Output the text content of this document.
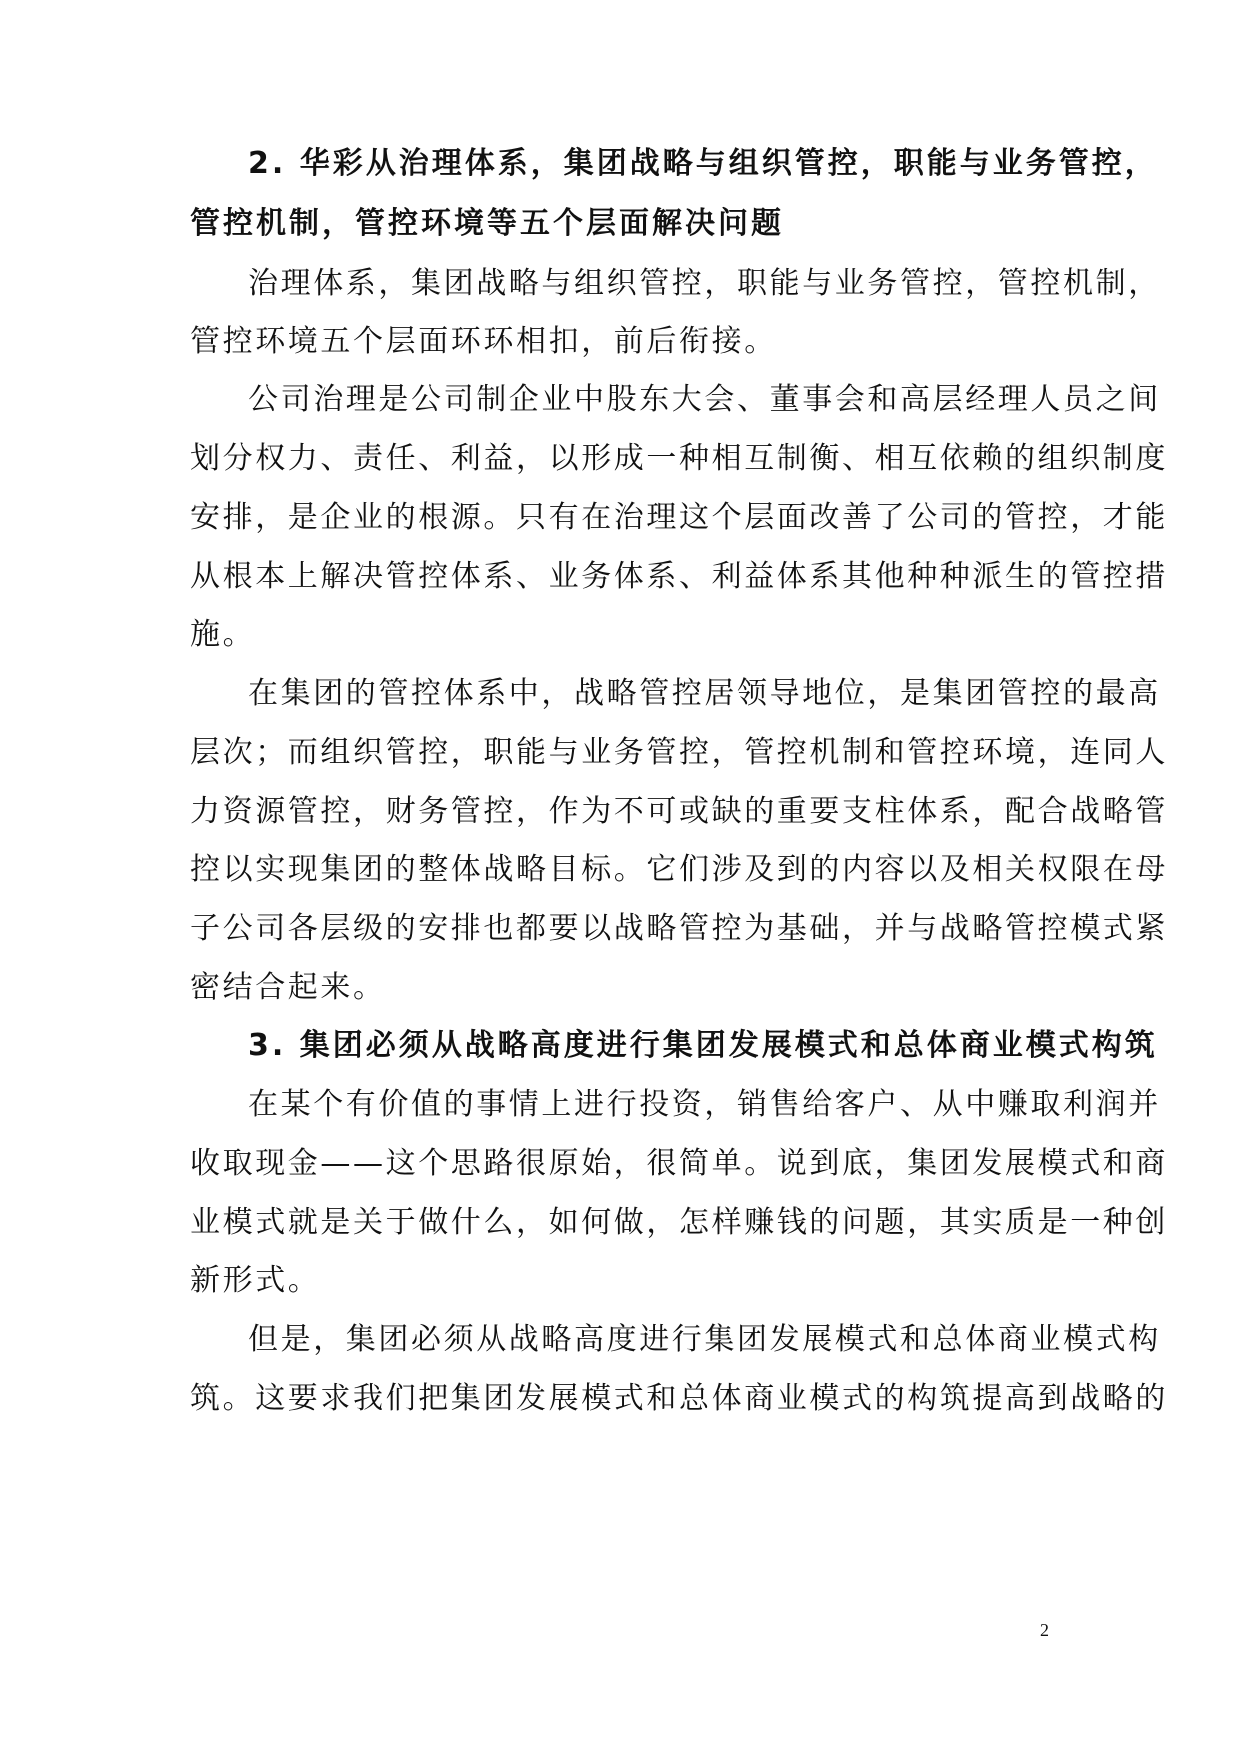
2. 华彩从治理体系，集团战略与组织管控，职能与业务管控，
管控机制，管控环境等五个层面解决问题
治理体系，集团战略与组织管控，职能与业务管控，管控机制，
管控环境五个层面环环相扣，前后衔接。
公司治理是公司制企业中股东大会、董事会和高层经理人员之间
划分权力、责任、利益，以形成一种相互制衡、相互依赖的组织制度
安排，是企业的根源。只有在治理这个层面改善了公司的管控，才能
从根本上解决管控体系、业务体系、利益体系其他种种派生的管控措
施。
在集团的管控体系中，战略管控居领导地位，是集团管控的最高
层次；而组织管控，职能与业务管控，管控机制和管控环境，连同人
力资源管控，财务管控，作为不可或缺的重要支柱体系，配合战略管
控以实现集团的整体战略目标。它们涉及到的内容以及相关权限在母
子公司各层级的安排也都要以战略管控为基础，并与战略管控模式紧
密结合起来。
3. 集团必须从战略高度进行集团发展模式和总体商业模式构筑
在某个有价值的事情上进行投资，销售给客户、从中赚取利润并
收取现金——这个思路很原始，很简单。说到底，集团发展模式和商
业模式就是关于做什么，如何做，怎样赚钱的问题，其实质是一种创
新形式。
但是，集团必须从战略高度进行集团发展模式和总体商业模式构
筑。这要求我们把集团发展模式和总体商业模式的构筑提高到战略的
2
